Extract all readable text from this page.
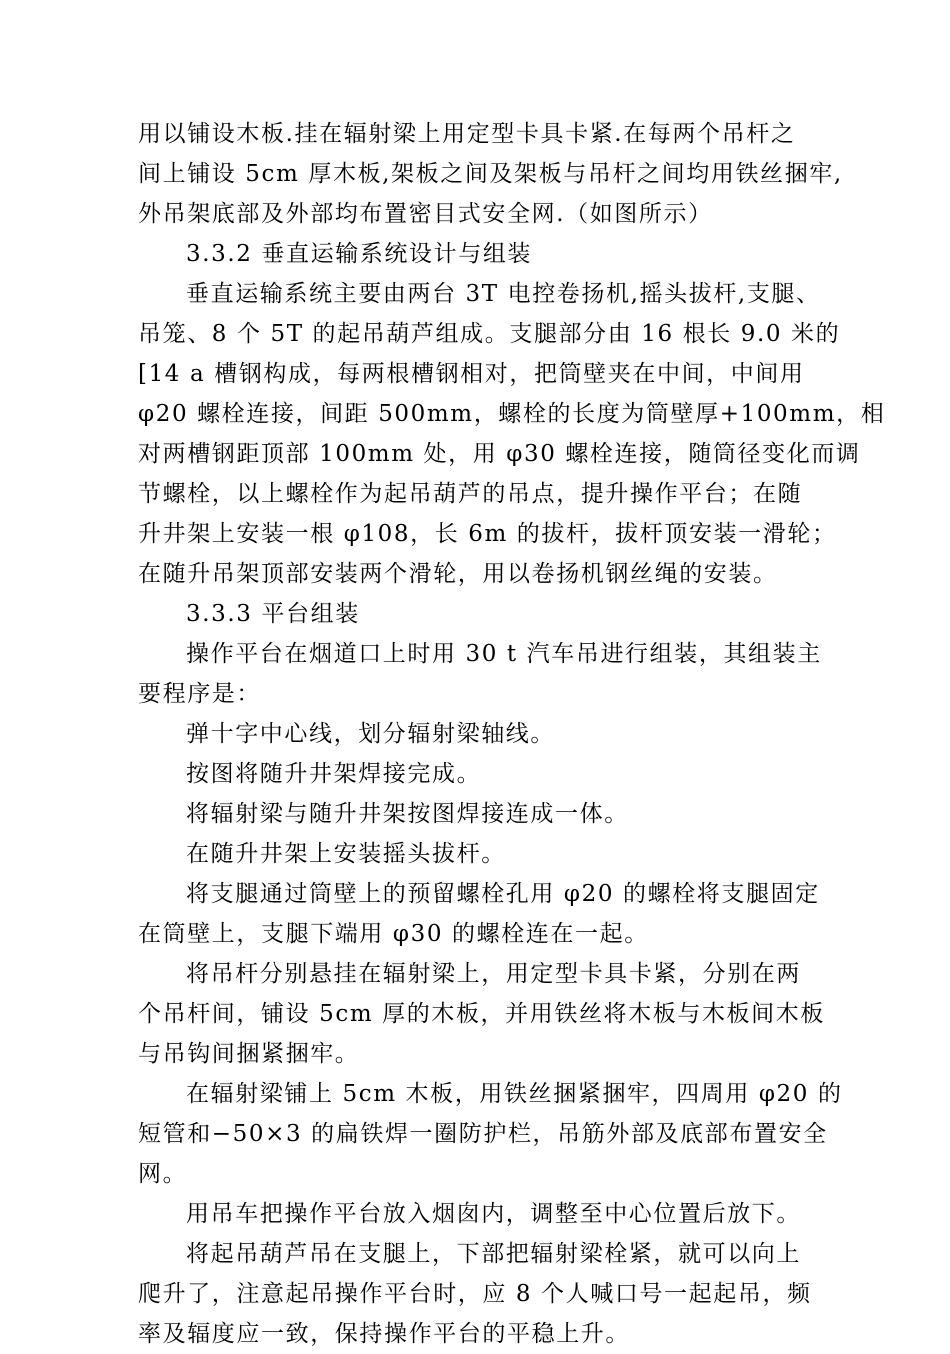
用以铺设木板.挂在辐射梁上用定型卡具卡紧.在每两个吊杆之
间上铺设 5cm 厚木板,架板之间及架板与吊杆之间均用铁丝捆牢,
外吊架底部及外部均布置密目式安全网.（如图所示）

3.3.2 垂直运输系统设计与组装

垂直运输系统主要由两台 3T 电控卷扬机,摇头拔杆,支腿、
吊笼、8 个 5T 的起吊葫芦组成。支腿部分由 16 根长 9.0 米的
[14 a 槽钢构成，每两根槽钢相对，把筒壁夹在中间，中间用
φ20 螺栓连接，间距 500mm，螺栓的长度为筒壁厚+100mm，相
对两槽钢距顶部 100mm 处，用 φ30 螺栓连接，随筒径变化而调
节螺栓，以上螺栓作为起吊葫芦的吊点，提升操作平台；在随
升井架上安装一根 φ108，长 6m 的拔杆，拔杆顶安装一滑轮；
在随升吊架顶部安装两个滑轮，用以卷扬机钢丝绳的安装。

3.3.3 平台组装

操作平台在烟道口上时用 30 t 汽车吊进行组装，其组装主
要程序是：

弹十字中心线，划分辐射梁轴线。

按图将随升井架焊接完成。

将辐射梁与随升井架按图焊接连成一体。

在随升井架上安装摇头拔杆。

将支腿通过筒壁上的预留螺栓孔用 φ20 的螺栓将支腿固定
在筒壁上，支腿下端用 φ30 的螺栓连在一起。

将吊杆分别悬挂在辐射梁上，用定型卡具卡紧，分别在两
个吊杆间，铺设 5cm 厚的木板，并用铁丝将木板与木板间木板
与吊钩间捆紧捆牢。

在辐射梁铺上 5cm 木板，用铁丝捆紧捆牢，四周用 φ20 的
短管和−50×3 的扁铁焊一圈防护栏，吊筋外部及底部布置安全
网。

用吊车把操作平台放入烟囱内，调整至中心位置后放下。

将起吊葫芦吊在支腿上，下部把辐射梁栓紧，就可以向上
爬升了，注意起吊操作平台时，应 8 个人喊口号一起起吊，频
率及辐度应一致，保持操作平台的平稳上升。
